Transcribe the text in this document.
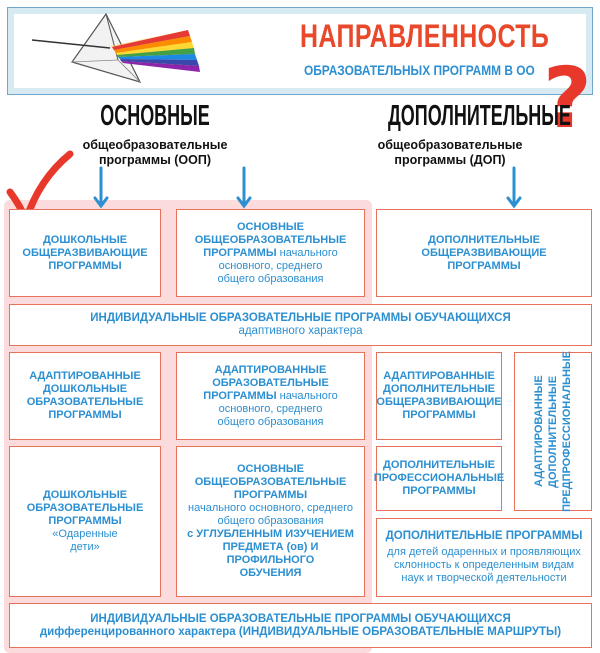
НАПРАВЛЕННОСТЬ
ОБРАЗОВАТЕЛЬНЫХ ПРОГРАММ В ОО ?
ОСНОВНЫЕ
общеобразовательные
программы (ООП)
ДОПОЛНИТЕЛЬНЫЕ
общеобразовательные
программы (ДОП)
ДОШКОЛЬНЫЕ
ОБЩЕРАЗВИВАЮЩИЕ
ПРОГРАММЫ
ОСНОВНЫЕ
ОБЩЕОБРАЗОВАТЕЛЬНЫЕ
ПРОГРАММЫ начального
основного, среднего
общего образования
ДОПОЛНИТЕЛЬНЫЕ
ОБЩЕРАЗВИВАЮЩИЕ
ПРОГРАММЫ
ИНДИВИДУАЛЬНЫЕ ОБРАЗОВАТЕЛЬНЫЕ ПРОГРАММЫ ОБУЧАЮЩИХСЯ
адаптивного характера
АДАПТИРОВАННЫЕ
ДОШКОЛЬНЫЕ
ОБРАЗОВАТЕЛЬНЫЕ
ПРОГРАММЫ
АДАПТИРОВАННЫЕ
ОБРАЗОВАТЕЛЬНЫЕ
ПРОГРАММЫ начального
основного, среднего
общего образования
АДАПТИРОВАННЫЕ
ДОПОЛНИТЕЛЬНЫЕ
ОБЩЕРАЗВИВАЮЩИЕ
ПРОГРАММЫ	АДАПТИРОВАННЫЕ ДОПОЛНИТЕЛЬНЫЕ ПРЕДПРОФЕССИОНАЛЬНЫЕ
ДОШКОЛЬНЫЕ
ОБРАЗОВАТЕЛЬНЫЕ
ПРОГРАММЫ
«Одаренные
дети»
ОСНОВНЫЕ
ОБЩЕОБРАЗОВАТЕЛЬНЫЕ
ПРОГРАММЫ
начального основного, среднего
общего образования
с УГЛУБЛЕННЫМ ИЗУЧЕНИЕМ
ПРЕДМЕТА (ов) И ПРОФИЛЬНОГО
ОБУЧЕНИЯ
ДОПОЛНИТЕЛЬНЫЕ
ПРОФЕССИОНАЛЬНЫЕ
ПРОГРАММЫ
ДОПОЛНИТЕЛЬНЫЕ ПРОГРАММЫ
для детей одаренных и проявляющих
склонность к определенным видам
наук и творческой деятельности
ИНДИВИДУАЛЬНЫЕ ОБРАЗОВАТЕЛЬНЫЕ ПРОГРАММЫ ОБУЧАЮЩИХСЯ
дифференцированного характера (ИНДИВИДУАЛЬНЫЕ ОБРАЗОВАТЕЛЬНЫЕ МАРШРУТЫ)
